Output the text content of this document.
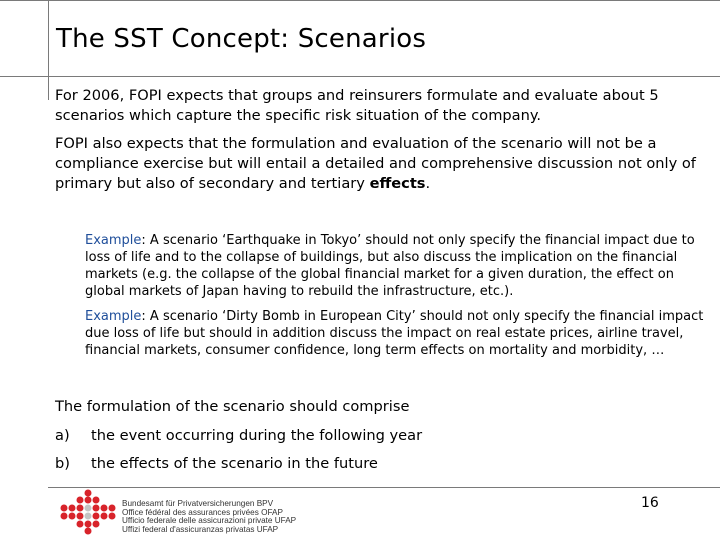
The SST Concept: Scenarios

For 2006, FOPI expects that groups and reinsurers formulate and evaluate about 5 scenarios which capture the specific risk situation of the company.

FOPI also expects that the formulation and evaluation of the scenario will not be a compliance exercise but will entail a detailed and comprehensive discussion not only of primary but also of secondary and tertiary effects.

Example: A scenario ‘Earthquake in Tokyo’ should not only specify the financial impact due to loss of life and to the collapse of buildings, but also discuss the implication on the financial markets (e.g. the collapse of the global financial market for a given duration, the effect on global markets of Japan having to rebuild the infrastructure, etc.).

Example: A scenario ‘Dirty Bomb in European City’ should not only specify the financial impact due loss of life but should in addition discuss the impact on real estate prices, airline travel, financial markets, consumer confidence, long term effects on mortality and morbidity, …

The formulation of the scenario should comprise

a) the event occurring during the following year
b) the effects of the scenario in the future
16
Bundesamt für Privatversicherungen BPV
Office fédéral des assurances privées OFAP
Ufficio federale delle assicurazioni private UFAP
Uffizi federal d'assicuranzas privatas UFAP
